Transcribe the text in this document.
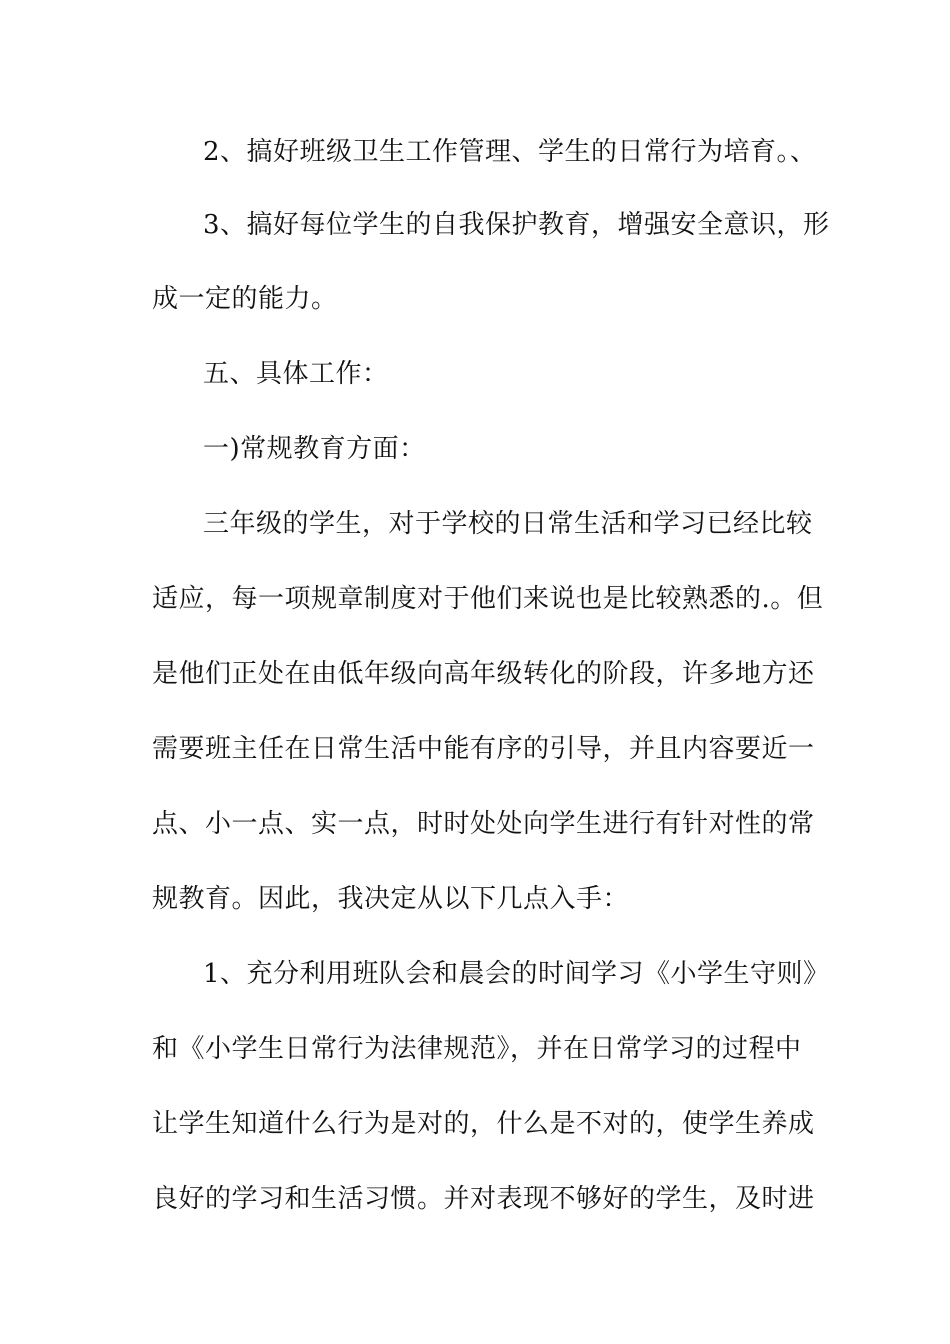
2、搞好班级卫生工作管理、学生的日常行为培育。、
3、搞好每位学生的自我保护教育，增强安全意识，形
成一定的能力。
五、具体工作：
一)常规教育方面：
三年级的学生，对于学校的日常生活和学习已经比较
适应，每一项规章制度对于他们来说也是比较熟悉的.。但
是他们正处在由低年级向高年级转化的阶段，许多地方还
需要班主任在日常生活中能有序的引导，并且内容要近一
点、小一点、实一点，时时处处向学生进行有针对性的常
规教育。因此，我决定从以下几点入手：
1、充分利用班队会和晨会的时间学习《小学生守则》
和《小学生日常行为法律规范》，并在日常学习的过程中
让学生知道什么行为是对的，什么是不对的，使学生养成
良好的学习和生活习惯。并对表现不够好的学生，及时进
